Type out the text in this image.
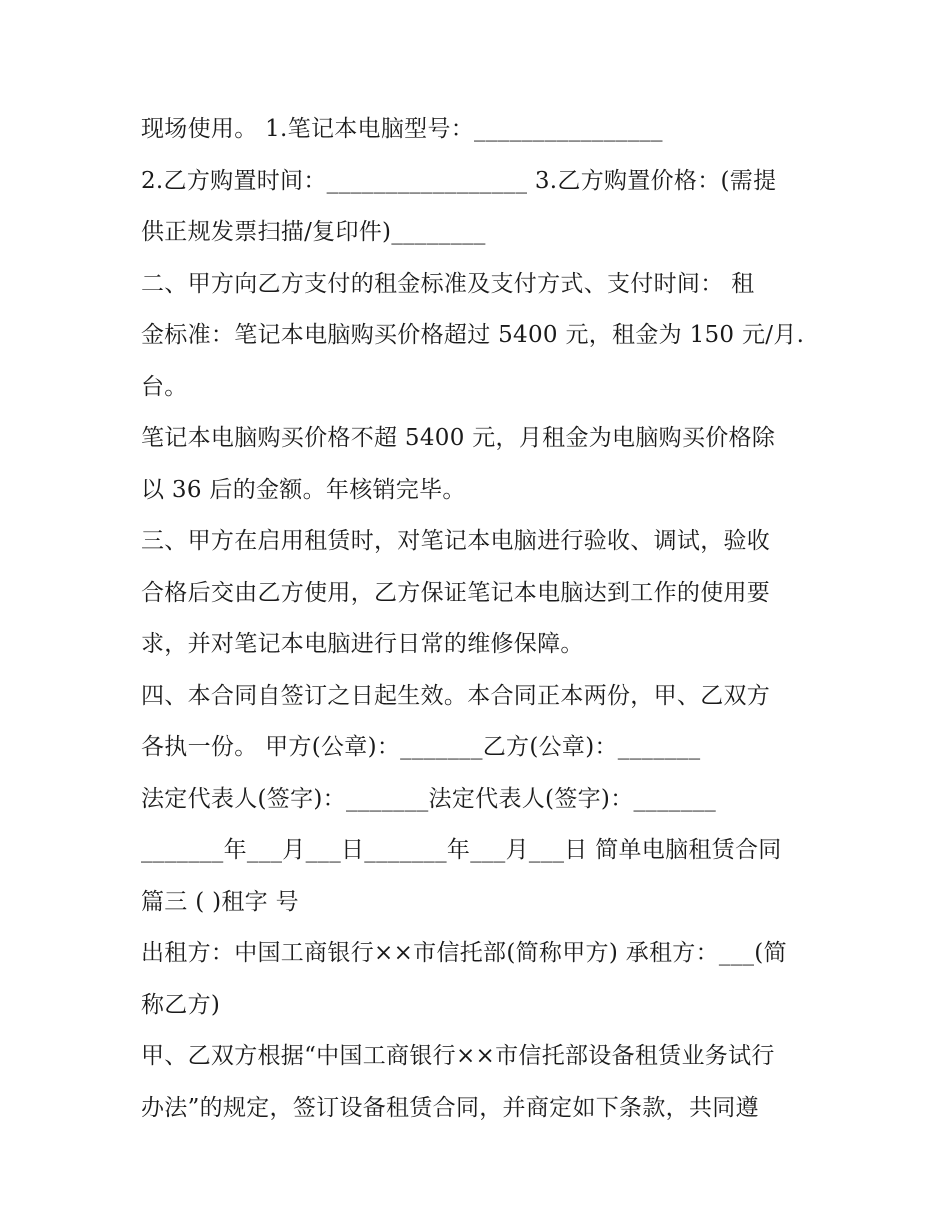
现场使用。 1.笔记本电脑型号：________________
2.乙方购置时间：_________________ 3.乙方购置价格：(需提
供正规发票扫描/复印件)________
二、甲方向乙方支付的租金标准及支付方式、支付时间： 租
金标准：笔记本电脑购买价格超过 5400 元，租金为 150 元/月.
台。
笔记本电脑购买价格不超 5400 元，月租金为电脑购买价格除
以 36 后的金额。年核销完毕。
三、甲方在启用租赁时，对笔记本电脑进行验收、调试，验收
合格后交由乙方使用，乙方保证笔记本电脑达到工作的使用要
求，并对笔记本电脑进行日常的维修保障。
四、本合同自签订之日起生效。本合同正本两份，甲、乙双方
各执一份。 甲方(公章)：_______乙方(公章)：_______
法定代表人(签字)：_______法定代表人(签字)：_______
_______年___月___日_______年___月___日 简单电脑租赁合同
篇三 ( )租字 号
出租方：中国工商银行××市信托部(简称甲方) 承租方：___(简
称乙方)
甲、乙双方根据“中国工商银行××市信托部设备租赁业务试行
办法”的规定，签订设备租赁合同，并商定如下条款，共同遵
